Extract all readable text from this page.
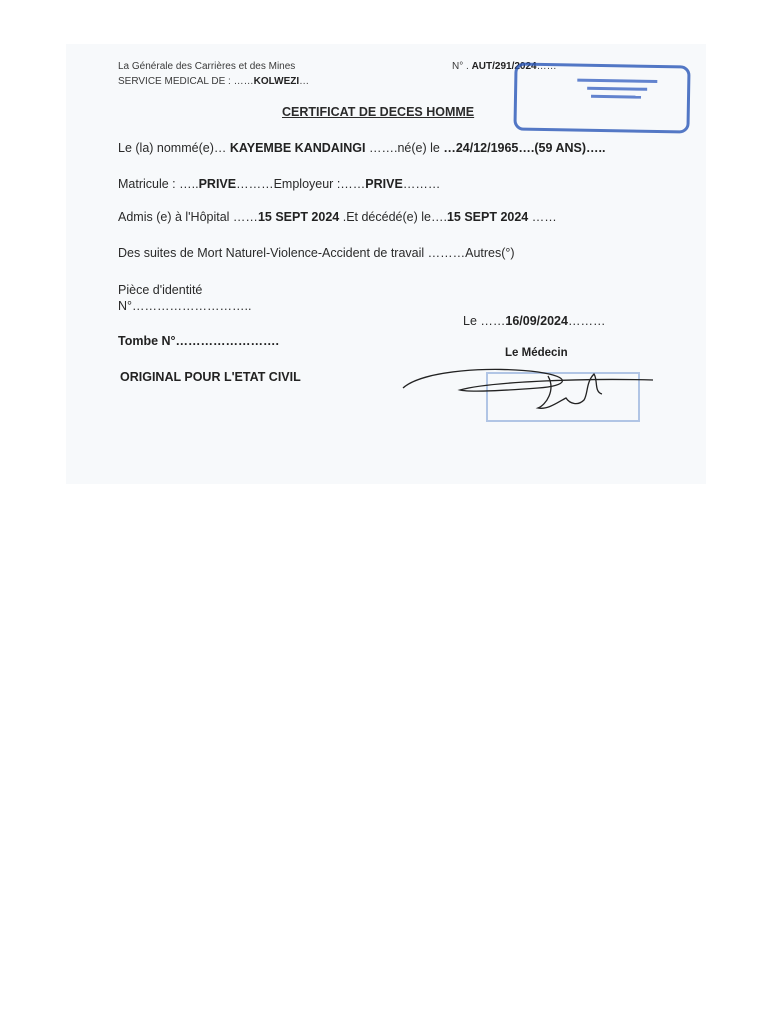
La Générale des Carrières et des Mines
SERVICE MEDICAL DE : ……KOLWEZI…
N° . AUT/291/2024……
CERTIFICAT DE DECES HOMME
Le (la) nommé(e)… KAYEMBE KANDAINGI …….né(e) le …24/12/1965….(59 ANS)…..
Matricule : …..PRIVE………Employeur :……PRIVE………
Admis (e) à l'Hôpital ……15 SEPT 2024 .Et décédé(e) le….15 SEPT 2024 ……
Des suites de Mort Naturel-Violence-Accident de travail ………Autres(°)
Pièce d'identité
N°………………………..
Le ……16/09/2024………
Tombe N°…………………….
Le Médecin
ORIGINAL POUR L'ETAT CIVIL
